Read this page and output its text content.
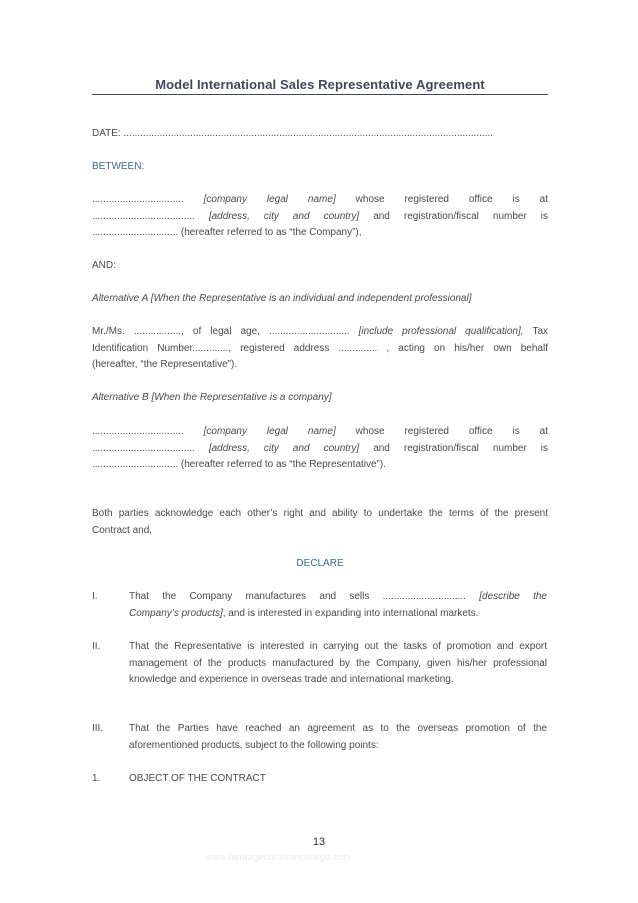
Model International Sales Representative Agreement
DATE: .....................................................................................................................................
BETWEEN:
................................. [company legal name] whose registered office is at
..................................... [address, city and country] and registration/fiscal number is
............................... (hereafter referred to as “the Company”),
AND:
Alternative A [When the Representative is an individual and independent professional]
Mr./Ms. ................., of legal age, ............................. [include professional qualification], Tax
Identification Number............., registered address .............. , acting on his/her own behalf
(hereafter, “the Representative”).
Alternative B [When the Representative is a company]
................................. [company legal name] whose registered office is at
..................................... [address, city and country] and registration/fiscal number is
............................... (hereafter referred to as “the Representative”).
Both parties acknowledge each other’s right and ability to undertake the terms of the present
Contract and,
DECLARE
I.	That the Company manufactures and sells .............................. [describe the
Company’s products], and is interested in expanding into international markets.
II.	That the Representative is interested in carrying out the tasks of promotion and export management of the products manufactured by the Company, given his/her professional knowledge and experience in overseas trade and international marketing.
III.	That the Parties have reached an agreement as to the overseas promotion of the aforementioned products, subject to the following points:
1.	OBJECT OF THE CONTRACT
13
www.heritagechristiancollege.com
